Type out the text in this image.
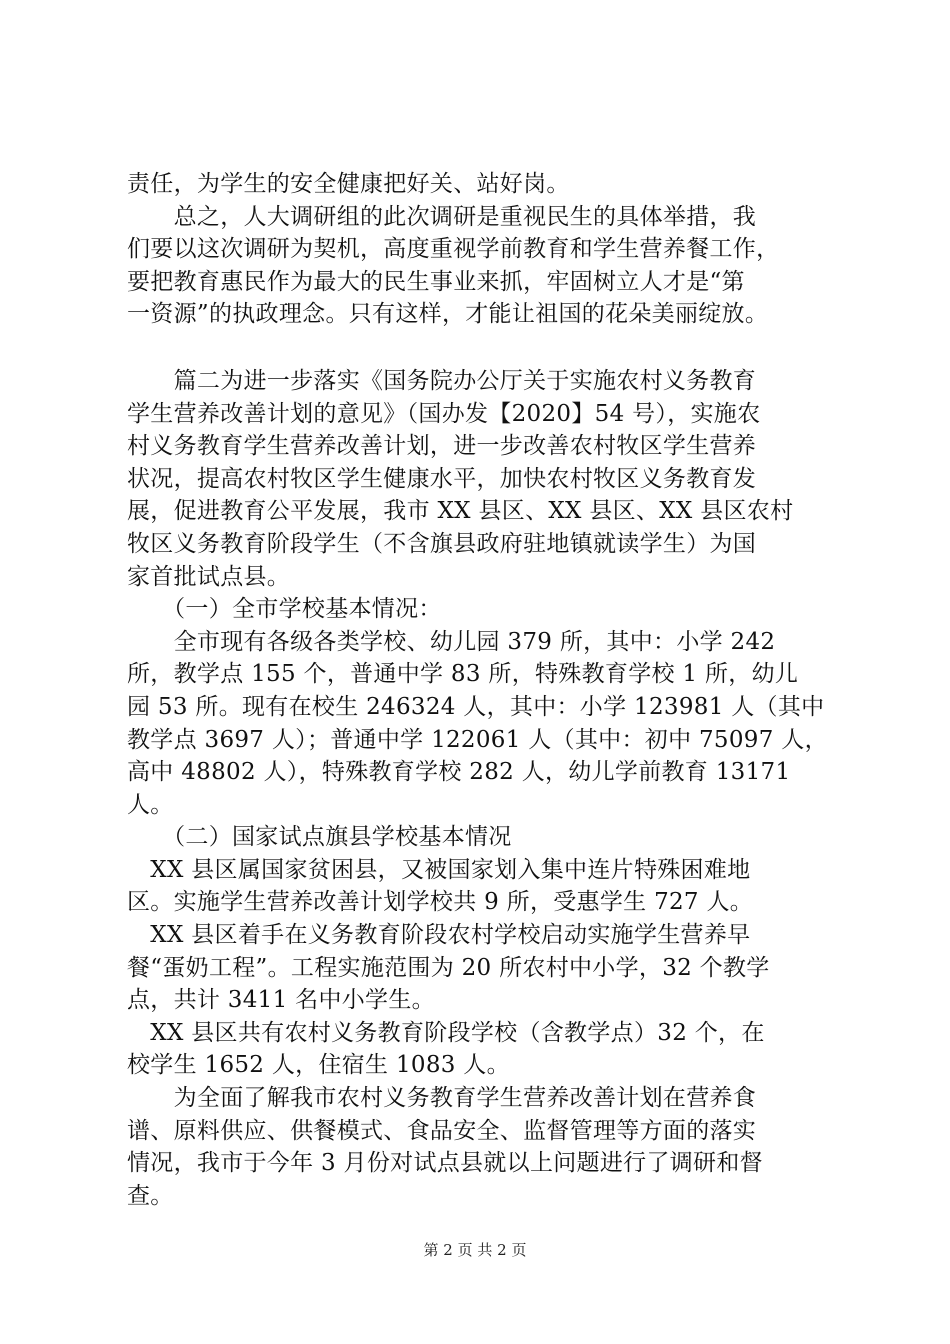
责任，为学生的安全健康把好关、站好岗。
　　总之，人大调研组的此次调研是重视民生的具体举措，我
们要以这次调研为契机，高度重视学前教育和学生营养餐工作，
要把教育惠民作为最大的民生事业来抓，牢固树立人才是“第
一资源”的执政理念。只有这样，才能让祖国的花朵美丽绽放。
　　篇二为进一步落实《国务院办公厅关于实施农村义务教育
学生营养改善计划的意见》（国办发【2020】54 号），实施农
村义务教育学生营养改善计划，进一步改善农村牧区学生营养
状况，提高农村牧区学生健康水平，加快农村牧区义务教育发
展，促进教育公平发展，我市 XX 县区、XX 县区、XX 县区农村
牧区义务教育阶段学生（不含旗县政府驻地镇就读学生）为国
家首批试点县。
　　（一）全市学校基本情况：
　　全市现有各级各类学校、幼儿园 379 所，其中：小学 242
所，教学点 155 个，普通中学 83 所，特殊教育学校 1 所，幼儿
园 53 所。现有在校生 246324 人，其中：小学 123981 人（其中
教学点 3697 人）；普通中学 122061 人（其中：初中 75097 人，
高中 48802 人），特殊教育学校 282 人，幼儿学前教育 13171
人。
　　（二）国家试点旗县学校基本情况
　XX 县区属国家贫困县，又被国家划入集中连片特殊困难地
区。实施学生营养改善计划学校共 9 所，受惠学生 727 人。
　XX 县区着手在义务教育阶段农村学校启动实施学生营养早
餐“蛋奶工程”。工程实施范围为 20 所农村中小学，32 个教学
点，共计 3411 名中小学生。
　XX 县区共有农村义务教育阶段学校（含教学点）32 个，在
校学生 1652 人，住宿生 1083 人。
　　为全面了解我市农村义务教育学生营养改善计划在营养食
谱、原料供应、供餐模式、食品安全、监督管理等方面的落实
情况，我市于今年 3 月份对试点县就以上问题进行了调研和督
查。
第 2 页 共 2 页
